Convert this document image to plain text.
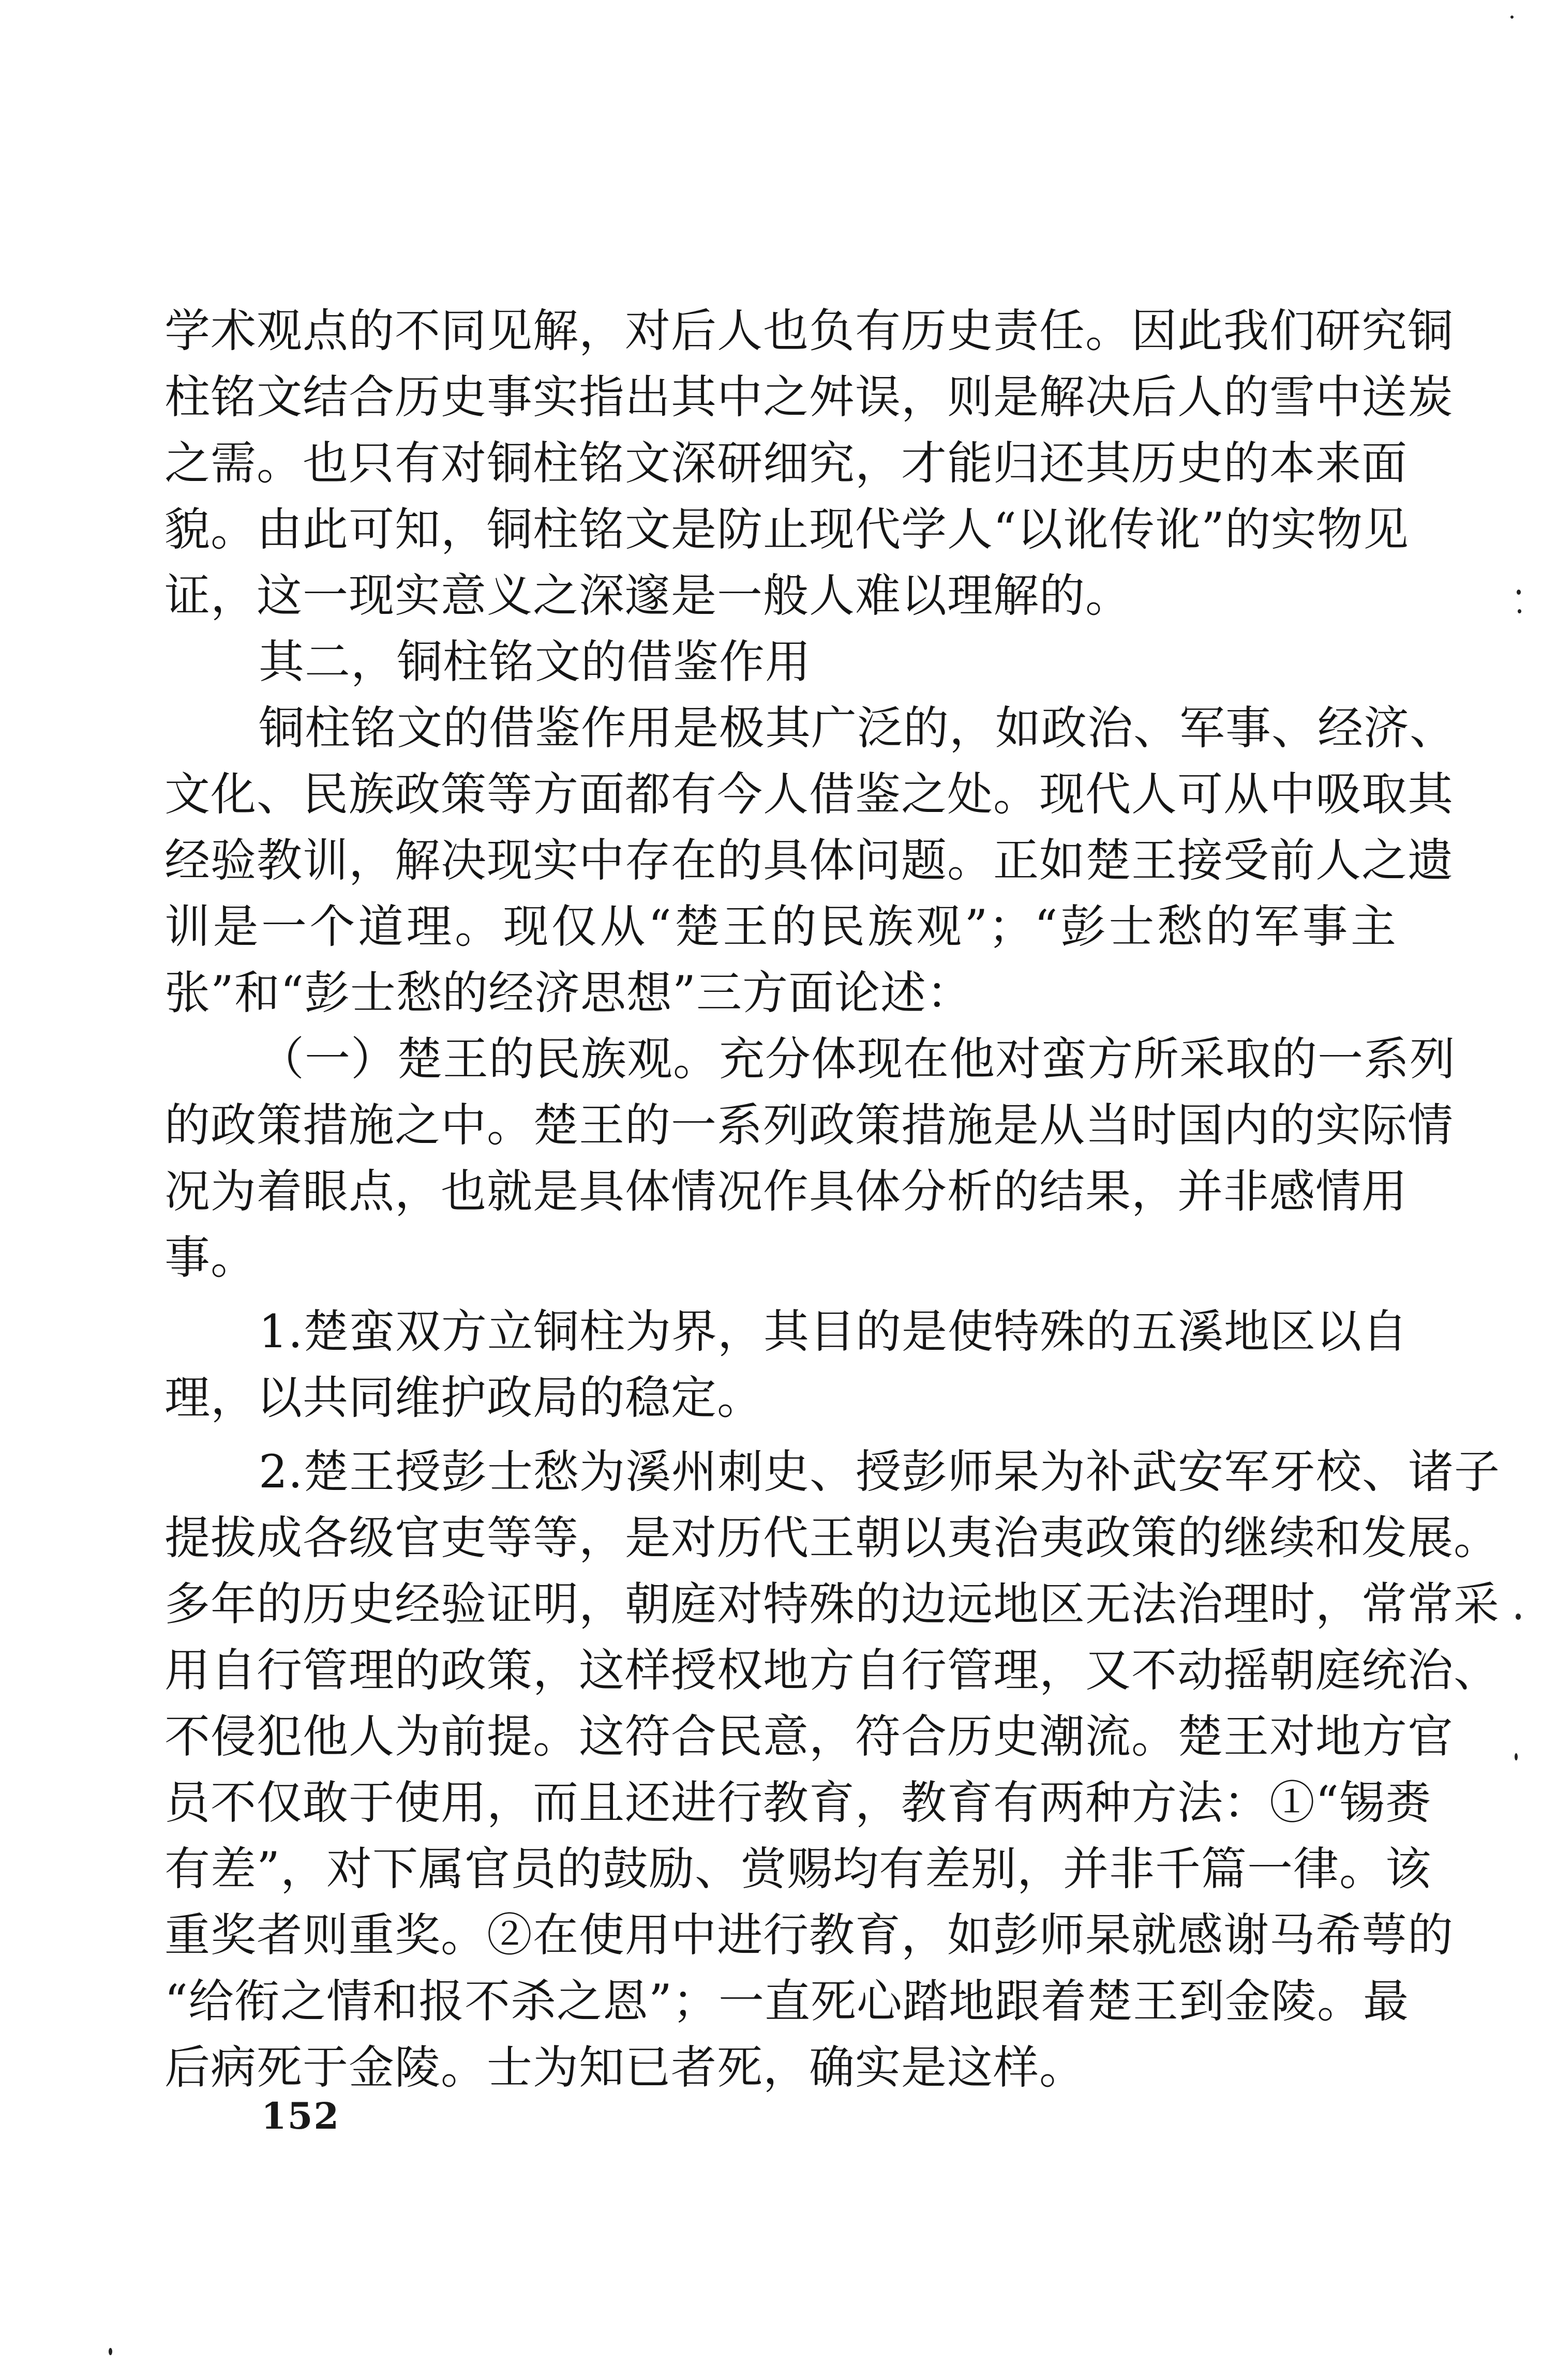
学术观点的不同见解，对后人也负有历史责任。因此我们研究铜
柱铭文结合历史事实指出其中之舛误，则是解决后人的雪中送炭
之需。也只有对铜柱铭文深研细究，才能归还其历史的本来面
貌。由此可知，铜柱铭文是防止现代学人“以讹传讹”的实物见
证，这一现实意义之深邃是一般人难以理解的。
其二，铜柱铭文的借鉴作用
铜柱铭文的借鉴作用是极其广泛的，如政治、军事、经济、
文化、民族政策等方面都有今人借鉴之处。现代人可从中吸取其
经验教训，解决现实中存在的具体问题。正如楚王接受前人之遗
训是一个道理。现仅从“楚王的民族观”；“彭士愁的军事主
张”和“彭士愁的经济思想”三方面论述：
（一）楚王的民族观。充分体现在他对蛮方所采取的一系列
的政策措施之中。楚王的一系列政策措施是从当时国内的实际情
况为着眼点，也就是具体情况作具体分析的结果，并非感情用
事。
1.楚蛮双方立铜柱为界，其目的是使特殊的五溪地区以自
理，以共同维护政局的稳定。
2.楚王授彭士愁为溪州刺史、授彭师杲为补武安军牙校、诸子
提拔成各级官吏等等，是对历代王朝以夷治夷政策的继续和发展。
多年的历史经验证明，朝庭对特殊的边远地区无法治理时，常常采
用自行管理的政策，这样授权地方自行管理，又不动摇朝庭统治、
不侵犯他人为前提。这符合民意，符合历史潮流。楚王对地方官
员不仅敢于使用，而且还进行教育，教育有两种方法：①“锡赉
有差”，对下属官员的鼓励、赏赐均有差别，并非千篇一律。该
重奖者则重奖。②在使用中进行教育，如彭师杲就感谢马希萼的
“给衔之情和报不杀之恩”；一直死心踏地跟着楚王到金陵。最
后病死于金陵。士为知已者死，确实是这样。
152
